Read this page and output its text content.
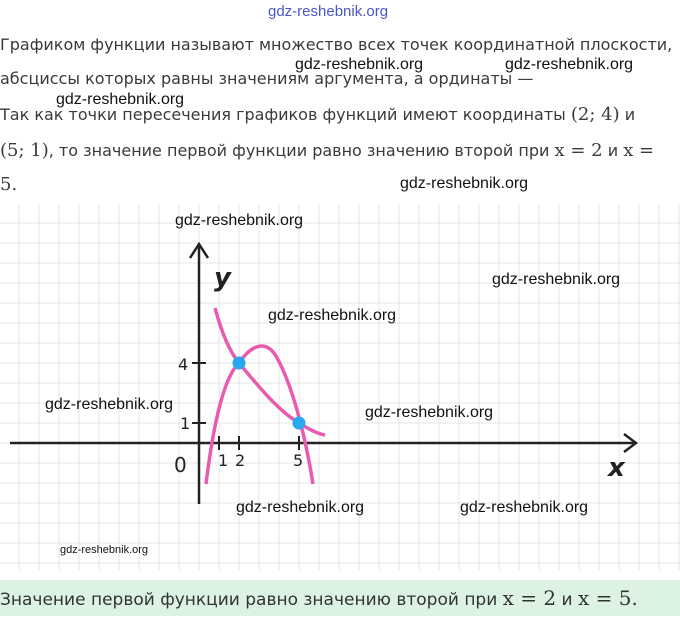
gdz-reshebnik.org
Графиком функции называют множество всех точек координатной плоскости,
абсциссы которых равны значениям аргумента, а ординаты —
Так как точки пересечения графиков функций имеют координаты (2; 4) и
(5; 1), то значение первой функции равно значению второй при x = 2 и x =
5.
y
x
0 1 2	5
4
1
gdz-reshebnik.org	gdz-reshebnik.org
gdz-reshebnik.org
gdz-reshebnik.org
gdz-reshebnik.org
gdz-reshebnik.org
gdz-reshebnik.org
gdz-reshebnik.org	gdz-reshebnik.org
gdz-reshebnik.org	gdz-reshebnik.org
gdz-reshebnik.org
Значение первой функции равно значению второй при x = 2 и x = 5.
